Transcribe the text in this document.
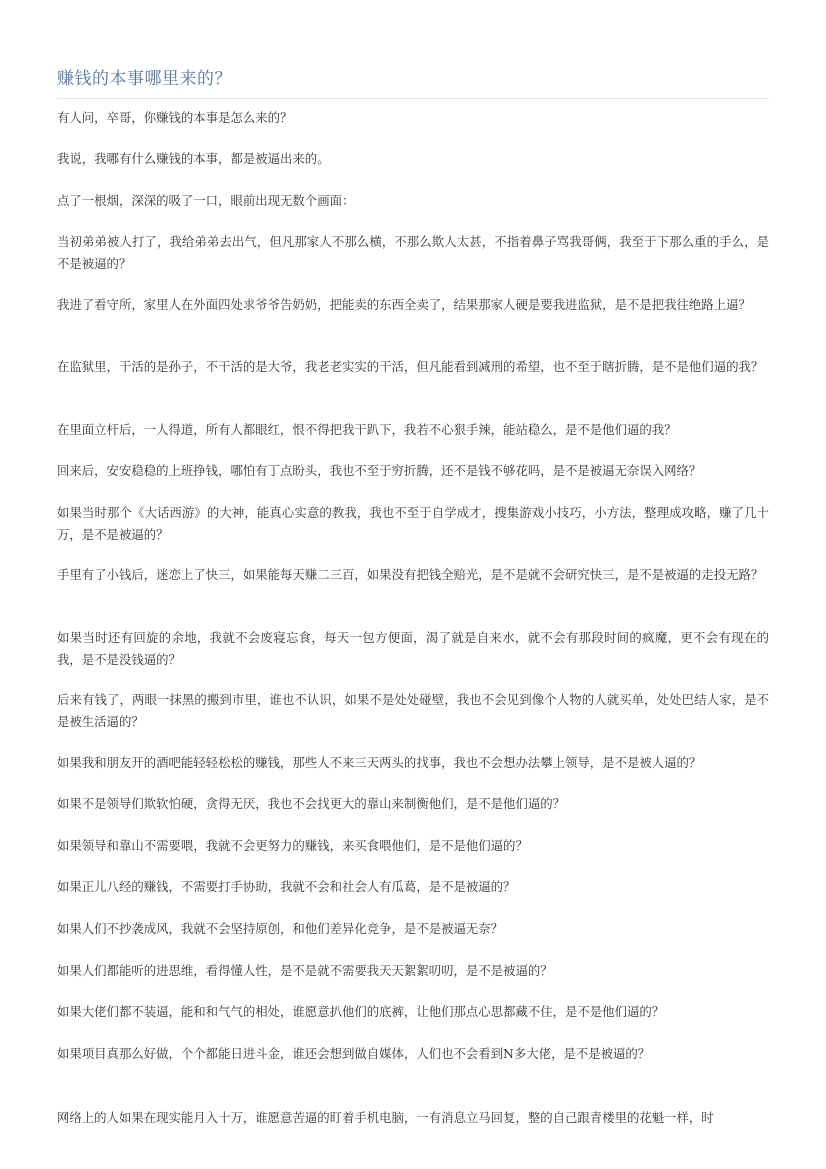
赚钱的本事哪里来的？
有人问，卒哥，你赚钱的本事是怎么来的？
我说，我哪有什么赚钱的本事，都是被逼出来的。
点了一根烟，深深的吸了一口，眼前出现无数个画面：
当初弟弟被人打了，我给弟弟去出气，但凡那家人不那么横，不那么欺人太甚，不指着鼻子骂我哥俩，我至于下那么重的手么，是不是被逼的？
我进了看守所，家里人在外面四处求爷爷告奶奶，把能卖的东西全卖了，结果那家人硬是要我进监狱，是不是把我往绝路上逼？
在监狱里，干活的是孙子，不干活的是大爷，我老老实实的干活，但凡能看到减刑的希望，也不至于瞎折腾，是不是他们逼的我？
在里面立杆后，一人得道，所有人都眼红，恨不得把我干趴下，我若不心狠手辣，能站稳么，是不是他们逼的我？
回来后，安安稳稳的上班挣钱，哪怕有丁点盼头，我也不至于穷折腾，还不是钱不够花吗，是不是被逼无奈误入网络？
如果当时那个《大话西游》的大神，能真心实意的教我，我也不至于自学成才，搜集游戏小技巧，小方法，整理成攻略，赚了几十万，是不是被逼的？
手里有了小钱后，迷恋上了快三，如果能每天赚二三百，如果没有把钱全赔光，是不是就不会研究快三，是不是被逼的走投无路？
如果当时还有回旋的余地，我就不会废寝忘食，每天一包方便面，渴了就是自来水，就不会有那段时间的疯魔，更不会有现在的我，是不是没钱逼的？
后来有钱了，两眼一抹黑的搬到市里，谁也不认识，如果不是处处碰壁，我也不会见到像个人物的人就买单，处处巴结人家，是不是被生活逼的？
如果我和朋友开的酒吧能轻轻松松的赚钱，那些人不来三天两头的找事，我也不会想办法攀上领导，是不是被人逼的？
如果不是领导们欺软怕硬，贪得无厌，我也不会找更大的靠山来制衡他们，是不是他们逼的？
如果领导和靠山不需要喂，我就不会更努力的赚钱，来买食喂他们，是不是他们逼的？
如果正儿八经的赚钱，不需要打手协助，我就不会和社会人有瓜葛，是不是被逼的？
如果人们不抄袭成风，我就不会坚持原创，和他们差异化竞争，是不是被逼无奈？
如果人们都能听的进思维，看得懂人性，是不是就不需要我天天絮絮叨叨，是不是被逼的？
如果大佬们都不装逼，能和和气气的相处，谁愿意扒他们的底裤，让他们那点心思都藏不住，是不是他们逼的？
如果项目真那么好做，个个都能日进斗金，谁还会想到做自媒体，人们也不会看到N多大佬，是不是被逼的？
网络上的人如果在现实能月入十万，谁愿意苦逼的盯着手机电脑，一有消息立马回复，整的自己跟青楼里的花魁一样，时
